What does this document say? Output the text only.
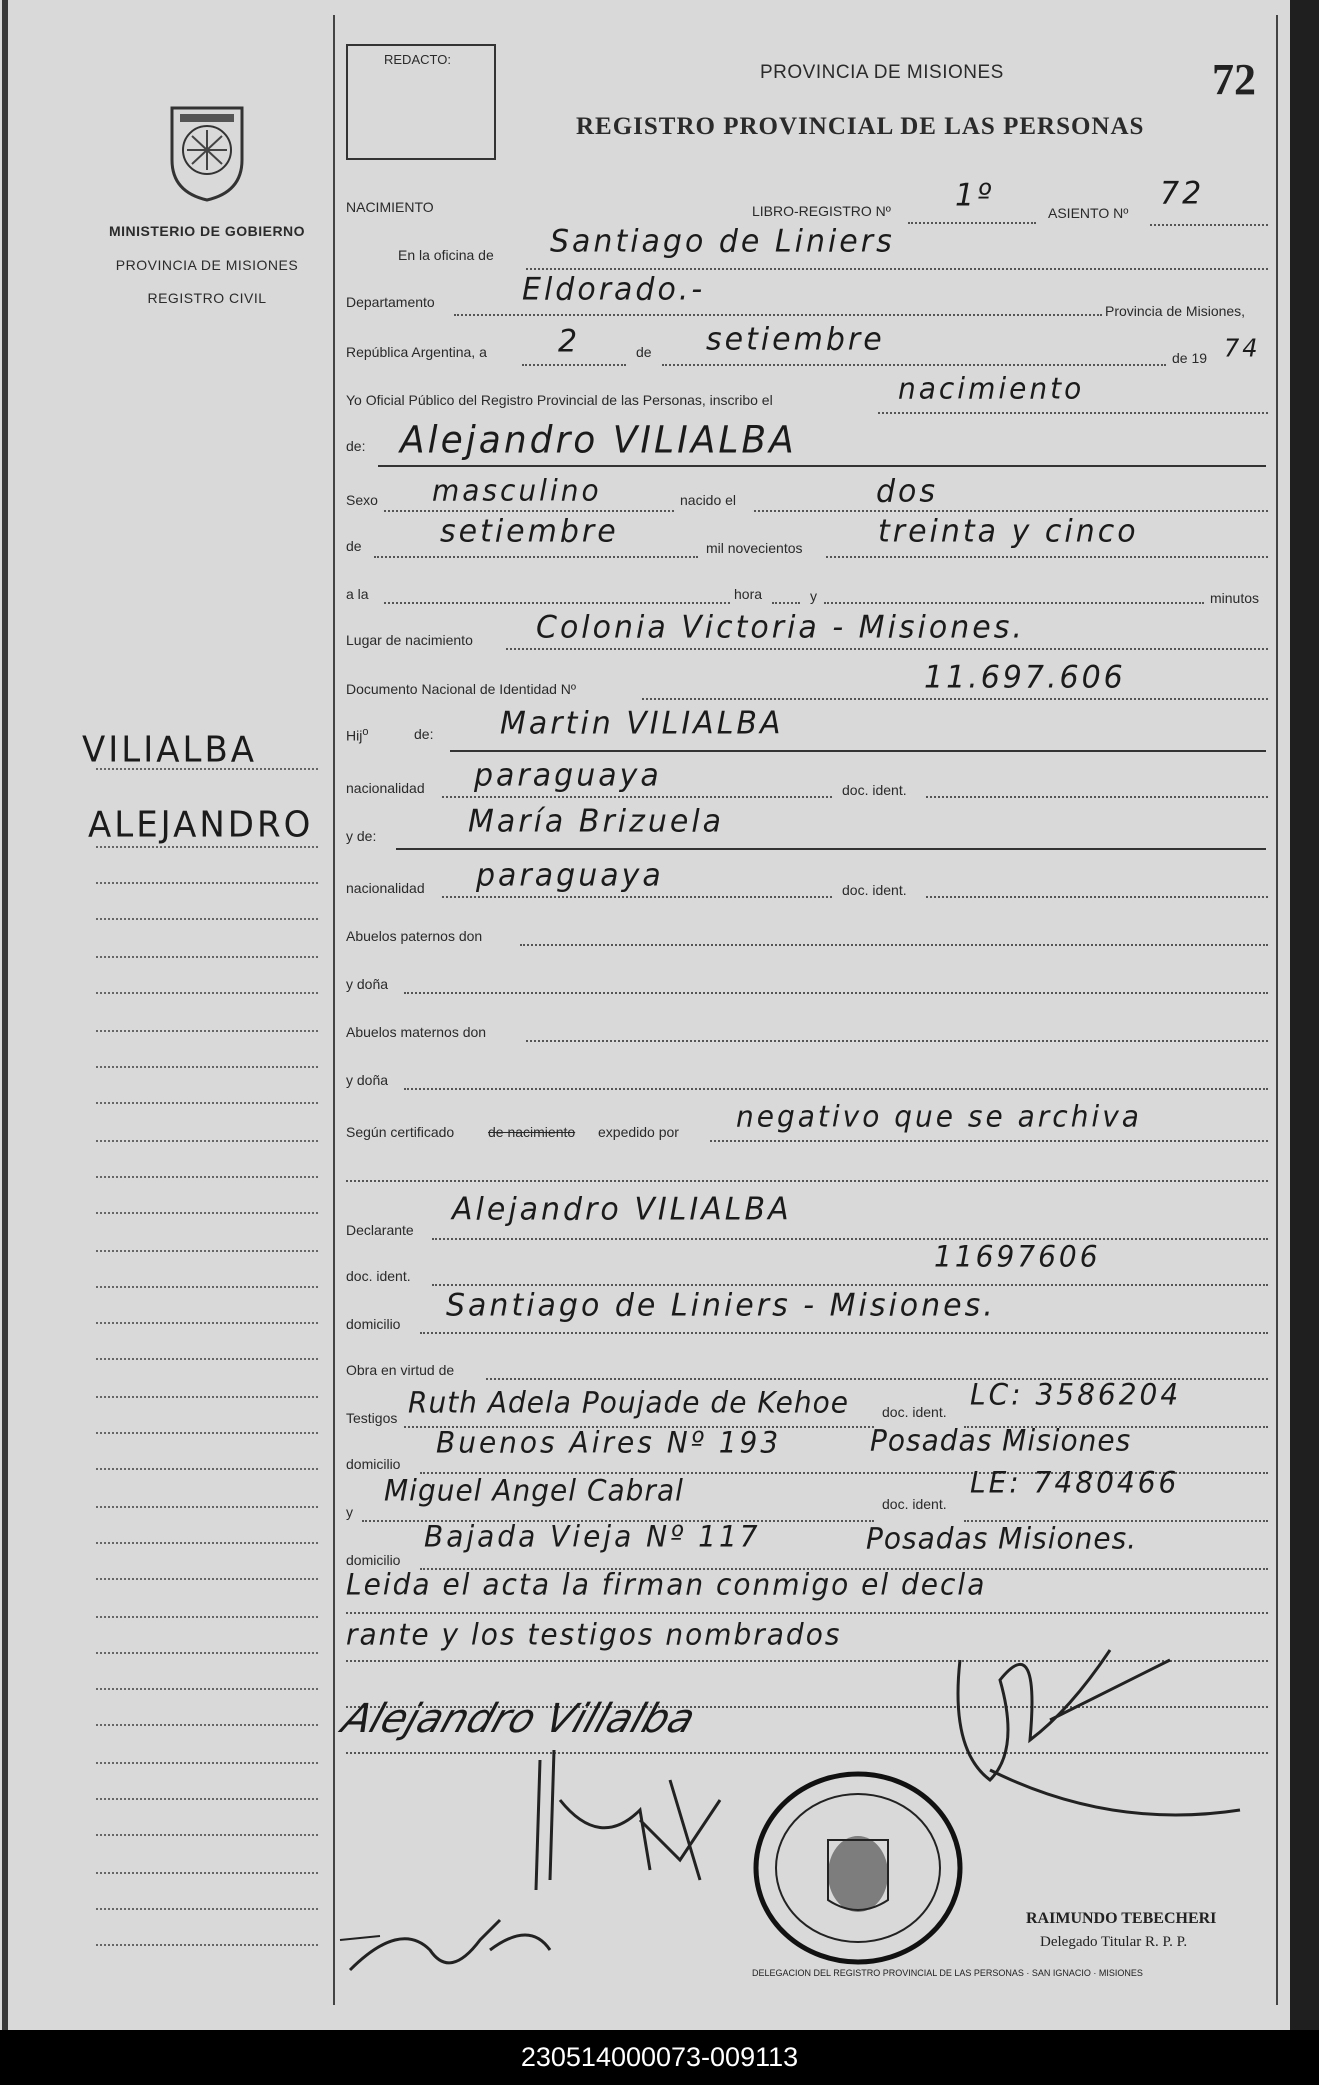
MINISTERIO DE GOBIERNO
PROVINCIA DE MISIONES
REGISTRO CIVIL
VILIALBA
ALEJANDRO
REDACTO:
PROVINCIA DE MISIONES
REGISTRO PROVINCIAL DE LAS PERSONAS
72
NACIMIENTO	LIBRO-REGISTRO Nº 1º	ASIENTO Nº
72
En la oficina de Santiago de Liniers
Departamento	Eldorado.-
Provincia de Misiones,
República Argentina, a 2	de setiembre
de 19 74
Yo Oficial Público del Registro Provincial de las Personas, inscribo el	nacimiento
de: Alejandro VILIALBA
Sexo masculino	nacido el	dos
de	setiembre	mil novecientos	treinta y cinco
a la	hora	y	minutos
Lugar de nacimiento Colonia Victoria - Misiones.
Documento Nacional de Identidad Nº	11.697.606
Hij$^o$	de: Martin VILIALBA
nacionalidad paraguaya	doc. ident.
y de:	María Brizuela
nacionalidad paraguaya	doc. ident.
Abuelos paternos don
y doña
Abuelos maternos don
y doña
Según certificado de nacimiento expedido por negativo que se archiva
Declarante
Alejandro VILIALBA
doc. ident.
11697606
domicilio
Santiago de Liniers - Misiones.
Obra en virtud de
Testigos Ruth Adela Poujade de Kehoe doc. ident.
LC: 3586204
domicilio
Buenos Aires Nº 193	Posadas Misiones
y
Miguel Angel Cabral	doc. ident.
LE: 7480466
domicilio
Bajada Vieja Nº 117	Posadas Misiones.
Leida el acta la firman conmigo el decla
rante y los testigos nombrados
Alejandro Villalba
DELEGACION DEL REGISTRO PROVINCIAL DE LAS PERSONAS · SAN IGNACIO · MISIONES
RAIMUNDO TEBECHERI
Delegado Titular R. P. P.
230514000073-009113
